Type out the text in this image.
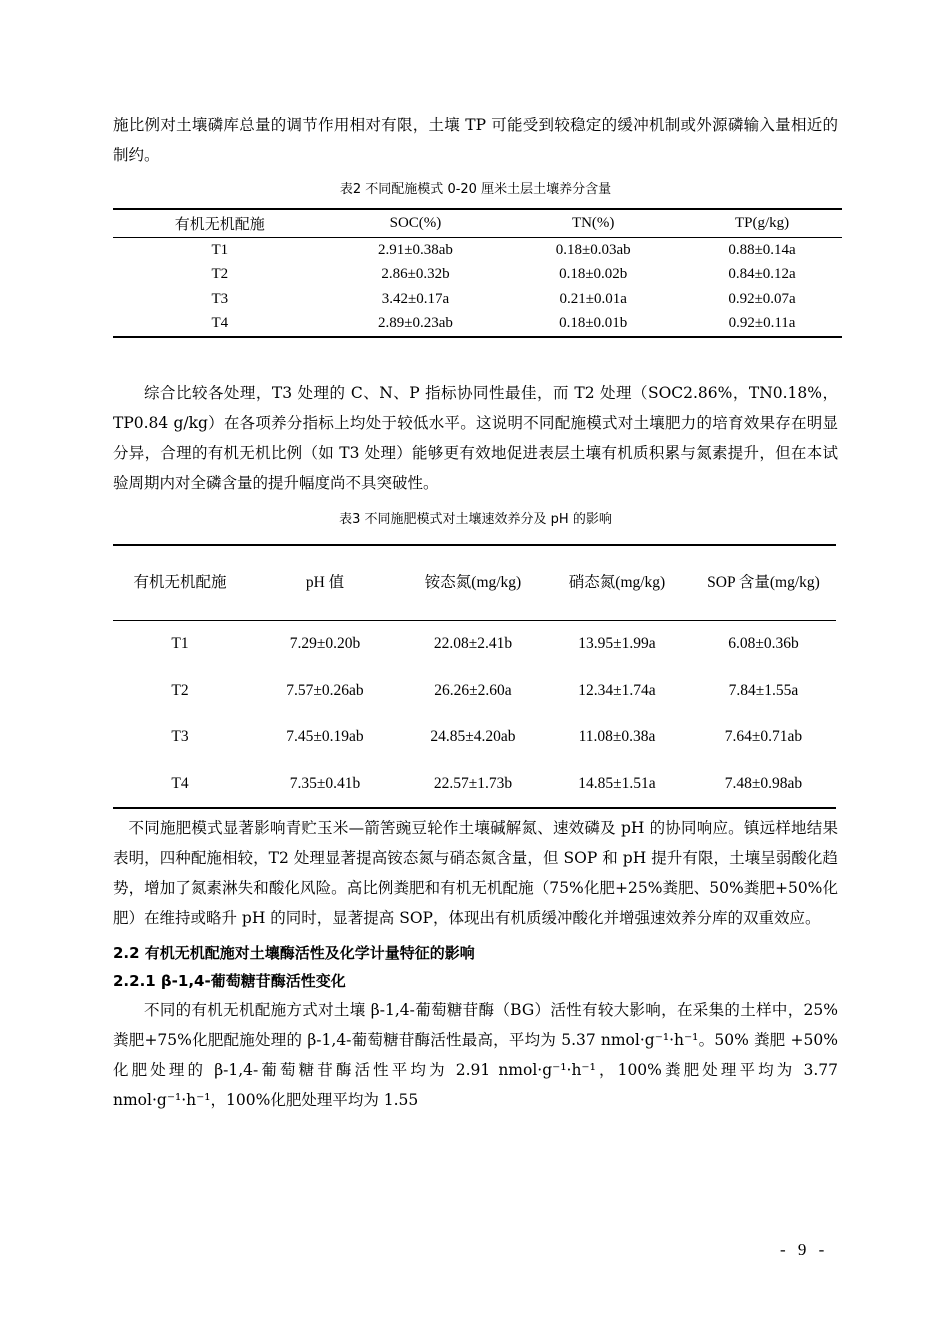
施比例对土壤磷库总量的调节作用相对有限，土壤 TP 可能受到较稳定的缓冲机制或外源磷输入量相近的制约。

表2 不同配施模式 0-20 厘米土层土壤养分含量

有机无机配施	SOC(%)	TN(%)	TP(g/kg)
T1	2.91±0.38ab	0.18±0.03ab	0.88±0.14a
T2	2.86±0.32b	0.18±0.02b	0.84±0.12a
T3	3.42±0.17a	0.21±0.01a	0.92±0.07a
T4	2.89±0.23ab	0.18±0.01b	0.92±0.11a

综合比较各处理，T3 处理的 C、N、P 指标协同性最佳，而 T2 处理（SOC2.86%，TN0.18%，TP0.84 g/kg）在各项养分指标上均处于较低水平。这说明不同配施模式对土壤肥力的培育效果存在明显分异，合理的有机无机比例（如 T3 处理）能够更有效地促进表层土壤有机质积累与氮素提升，但在本试验周期内对全磷含量的提升幅度尚不具突破性。

表3 不同施肥模式对土壤速效养分及 pH 的影响

有机无机配施	pH 值	铵态氮(mg/kg)	硝态氮(mg/kg)	SOP 含量(mg/kg)
T1	7.29±0.20b	22.08±2.41b	13.95±1.99a	6.08±0.36b
T2	7.57±0.26ab	26.26±2.60a	12.34±1.74a	7.84±1.55a
T3	7.45±0.19ab	24.85±4.20ab	11.08±0.38a	7.64±0.71ab
T4	7.35±0.41b	22.57±1.73b	14.85±1.51a	7.48±0.98ab

不同施肥模式显著影响青贮玉米—箭筈豌豆轮作土壤碱解氮、速效磷及 pH 的协同响应。镇远样地结果表明，四种配施相较，T2 处理显著提高铵态氮与硝态氮含量，但 SOP 和 pH 提升有限，土壤呈弱酸化趋势，增加了氮素淋失和酸化风险。高比例粪肥和有机无机配施（75%化肥+25%粪肥、50%粪肥+50%化肥）在维持或略升 pH 的同时，显著提高 SOP，体现出有机质缓冲酸化并增强速效养分库的双重效应。

2.2 有机无机配施对土壤酶活性及化学计量特征的影响
2.2.1 β-1,4-葡萄糖苷酶活性变化

不同的有机无机配施方式对土壤 β-1,4-葡萄糖苷酶（BG）活性有较大影响，在采集的土样中，25%粪肥+75%化肥配施处理的 β-1,4-葡萄糖苷酶活性最高，平均为 5.37 nmol·g⁻¹·h⁻¹。50% 粪肥 +50% 化肥处理的 β-1,4-葡萄糖苷酶活性平均为 2.91 nmol·g⁻¹·h⁻¹，100%粪肥处理平均为 3.77 nmol·g⁻¹·h⁻¹，100%化肥处理平均为 1.55

- 9 -
